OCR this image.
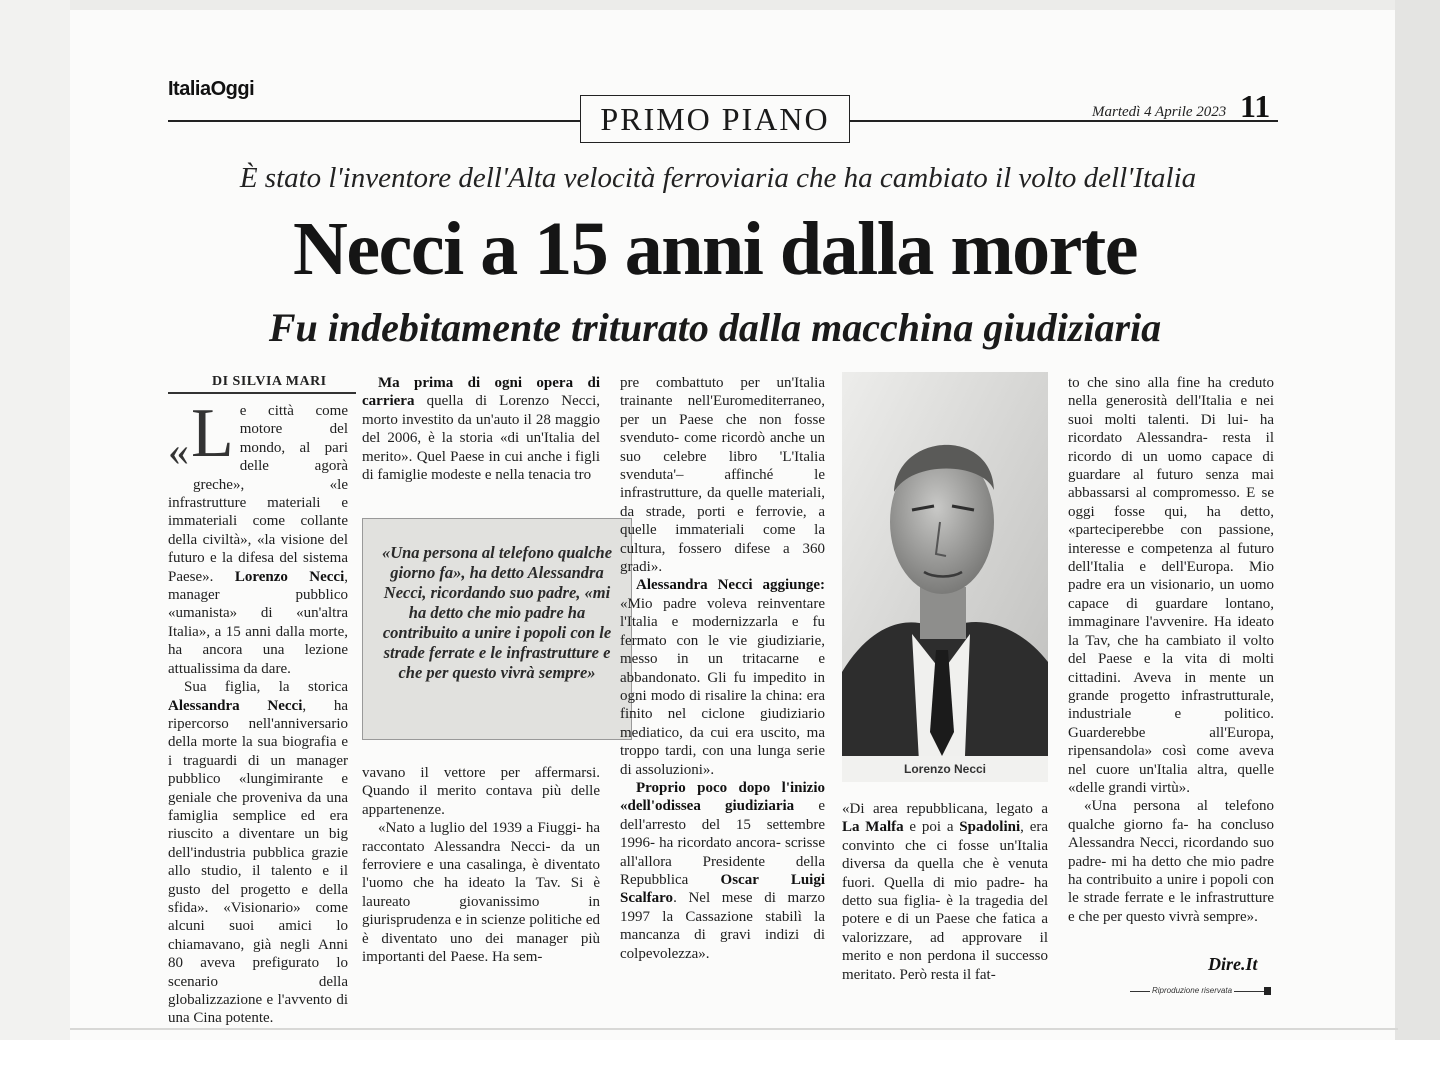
ItaliaOggi
PRIMO PIANO	Martedì 4 Aprile 2023 11
È stato l'inventore dell'Alta velocità ferroviaria che ha cambiato il volto dell'Italia
Necci a 15 anni dalla morte
Fu indebitamente triturato dalla macchina giudiziaria
DI SILVIA MARI

« L e città come motore del mondo, al pari delle agorà greche», «le infrastrutture materiali e immateriali come collante della civiltà», «la visione del futuro e la difesa del sistema Paese». Lorenzo Necci, manager pubblico «umanista» di «un'altra Italia», a 15 anni dalla morte, ha ancora una lezione attualissima da dare.

Sua figlia, la storica Alessandra Necci, ha ripercorso nell'anniversario della morte la sua biografia e i traguardi di un manager pubblico «lungimirante e geniale che proveniva da una famiglia semplice ed era riuscito a diventare un big dell'industria pubblica grazie allo studio, il talento e il gusto del progetto e della sfida». «Visionario» come alcuni suoi amici lo chiamavano, già negli Anni 80 aveva prefigurato lo scenario della globalizzazione e l'avvento di una Cina potente.

Ma prima di ogni opera di carriera quella di Lorenzo Necci, morto investito da un'auto il 28 maggio del 2006, è la storia «di un'Italia del merito». Quel Paese in cui anche i figli di famiglie modeste e nella tenacia tro

«Una persona al telefono qualche giorno fa», ha detto Alessandra Necci, ricordando suo padre, «mi ha detto che mio padre ha contribuito a unire i popoli con le strade ferrate e le infrastrutture e che per questo vivrà sempre»

vavano il vettore per affermarsi. Quando il merito contava più delle appartenenze.

«Nato a luglio del 1939 a Fiuggi- ha raccontato Alessandra Necci- da un ferroviere e una casalinga, è diventato l'uomo che ha ideato la Tav. Si è laureato giovanissimo in giurisprudenza e in scienze politiche ed è diventato uno dei manager più importanti del Paese. Ha sem-

pre combattuto per un'Italia trainante nell'Euromediterraneo, per un Paese che non fosse svenduto- come ricordò anche un suo celebre libro 'L'Italia svenduta'– affinché le infrastrutture, da quelle materiali, da strade, porti e ferrovie, a quelle immateriali come la cultura, fossero difese a 360 gradi».

Alessandra Necci aggiunge: «Mio padre voleva reinventare l'Italia e modernizzarla e fu fermato con le vie giudiziarie, messo in un tritacarne e abbandonato. Gli fu impedito in ogni modo di risalire la china: era finito nel ciclone giudiziario mediatico, da cui era uscito, ma troppo tardi, con una lunga serie di assoluzioni».

Proprio poco dopo l'inizio «dell'odissea giudiziaria e dell'arresto del 15 settembre 1996- ha ricordato ancora- scrisse all'allora Presidente della Repubblica Oscar Luigi Scalfaro. Nel mese di marzo 1997 la Cassazione stabilì la mancanza di gravi indizi di colpevolezza».

Lorenzo Necci

«Di area repubblicana, legato a La Malfa e poi a Spadolini, era convinto che ci fosse un'Italia diversa da quella che è venuta fuori. Quella di mio padre- ha detto sua figlia- è la tragedia del potere e di un Paese che fatica a valorizzare, ad approvare il merito e non perdona il successo meritato. Però resta il fat-

to che sino alla fine ha creduto nella generosità dell'Italia e nei suoi molti talenti. Di lui- ha ricordato Alessandra- resta il ricordo di un uomo capace di guardare al futuro senza mai abbassarsi al compromesso. E se oggi fosse qui, ha detto, «parteciperebbe con passione, interesse e competenza al futuro dell'Italia e dell'Europa. Mio padre era un visionario, un uomo capace di guardare lontano, immaginare l'avvenire. Ha ideato la Tav, che ha cambiato il volto del Paese e la vita di molti cittadini. Aveva in mente un grande progetto infrastrutturale, industriale e politico. Guarderebbe all'Europa, ripensandola» così come aveva nel cuore un'Italia altra, quelle «delle grandi virtù».

«Una persona al telefono qualche giorno fa- ha concluso Alessandra Necci, ricordando suo padre- mi ha detto che mio padre ha contribuito a unire i popoli con le strade ferrate e le infrastrutture e che per questo vivrà sempre».

Dire.It
Riproduzione riservata
